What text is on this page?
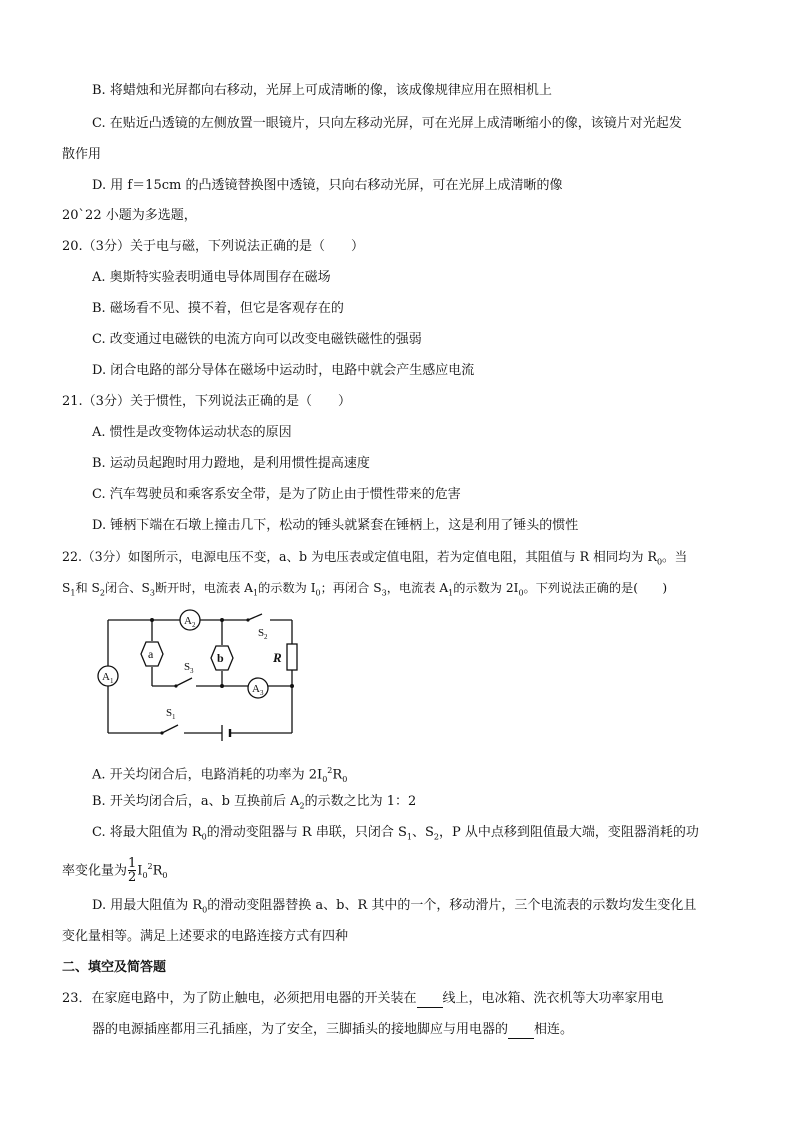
B. 将蜡烛和光屏都向右移动，光屏上可成清晰的像，该成像规律应用在照相机上
C. 在贴近凸透镜的左侧放置一眼镜片，只向左移动光屏，可在光屏上成清晰缩小的像，该镜片对光起发
散作用
D. 用 f＝15cm 的凸透镜替换图中透镜，只向右移动光屏，可在光屏上成清晰的像
20`22 小题为多选题，
20.（3分）关于电与磁，下列说法正确的是（　　）
A. 奥斯特实验表明通电导体周围存在磁场
B. 磁场看不见、摸不着，但它是客观存在的
C. 改变通过电磁铁的电流方向可以改变电磁铁磁性的强弱
D. 闭合电路的部分导体在磁场中运动时，电路中就会产生感应电流
21.（3分）关于惯性，下列说法正确的是（　　）
A. 惯性是改变物体运动状态的原因
B. 运动员起跑时用力蹬地，是利用惯性提高速度
C. 汽车驾驶员和乘客系安全带，是为了防止由于惯性带来的危害
D. 锤柄下端在石墩上撞击几下，松动的锤头就紧套在锤柄上，这是利用了锤头的惯性
22.（3分）如图所示，电源电压不变，a、b 为电压表或定值电阻，若为定值电阻，其阻值与 R 相同均为 $R_0$。当
$S_1$和 $S_2$闭合、$S_3$断开时，电流表 $A_1$的示数为 $I_0$；再闭合 $S_3$，电流表 $A_1$的示数为 $2I_0$。下列说法正确的是(　　)
a	b	R
A 2
A 1
A 3
S 2
S 3
S 1
A. 开关均闭合后，电路消耗的功率为 $2I_0^2R_0$
B. 开关均闭合后，a、b 互换前后 $A_2$的示数之比为 1：2
C. 将最大阻值为 $R_0$的滑动变阻器与 R 串联，只闭合 $S_1$、$S_2$，P 从中点移到阻值最大端，变阻器消耗的功
率变化量为 $\frac{1}{2} I_0^2R_0$
D. 用最大阻值为 $R_0$的滑动变阻器替换 a、b、R 其中的一个，移动滑片，三个电流表的示数均发生变化且
变化量相等。满足上述要求的电路连接方式有四种
二、填空及简答题
23．在家庭电路中，为了防止触电，必须把用电器的开关装在 线上，电冰箱、洗衣机等大功率家用电
器的电源插座都用三孔插座，为了安全，三脚插头的接地脚应与用电器的 相连。
